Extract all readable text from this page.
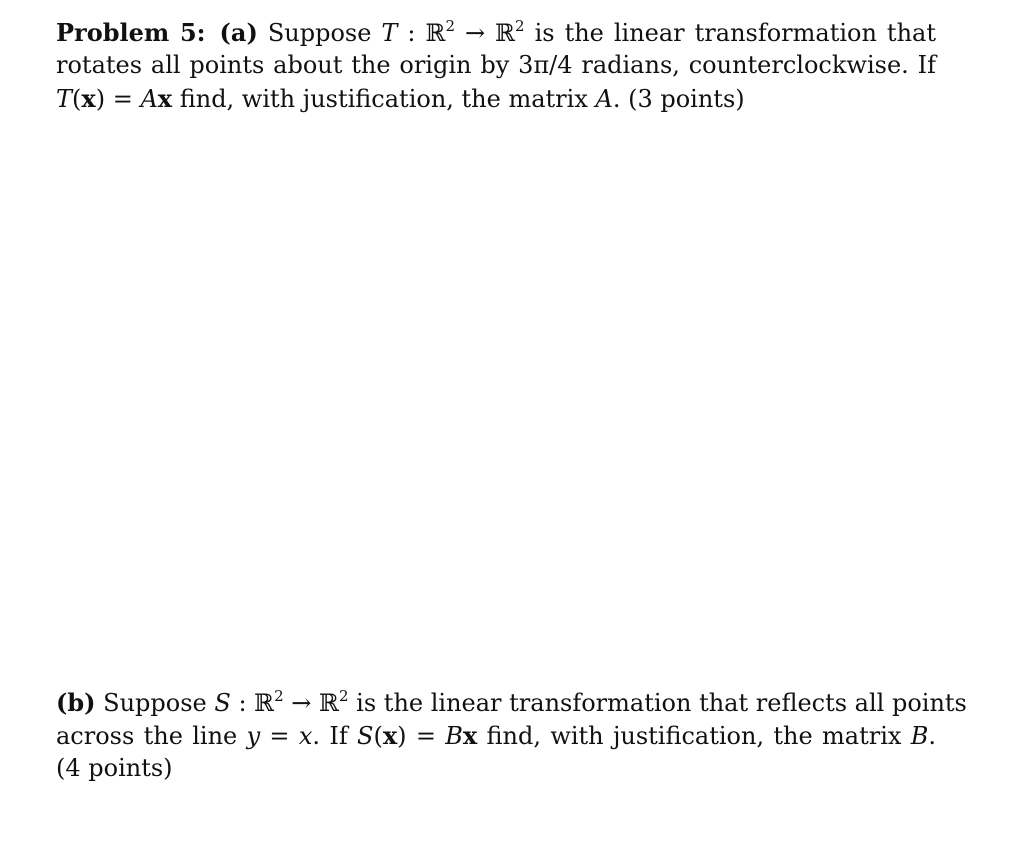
Problem 5: (a) Suppose T : ℝ$^2$ → ℝ$^2$ is the linear transformation that
rotates all points about the origin by 3π/4 radians, counterclockwise. If
T(x) = Ax find, with justification, the matrix A. (3 points)
(b) Suppose S : ℝ$^2$ → ℝ$^2$ is the linear transformation that reflects all points
across the line y = x. If S(x) = Bx find, with justification, the matrix B.
(4 points)
